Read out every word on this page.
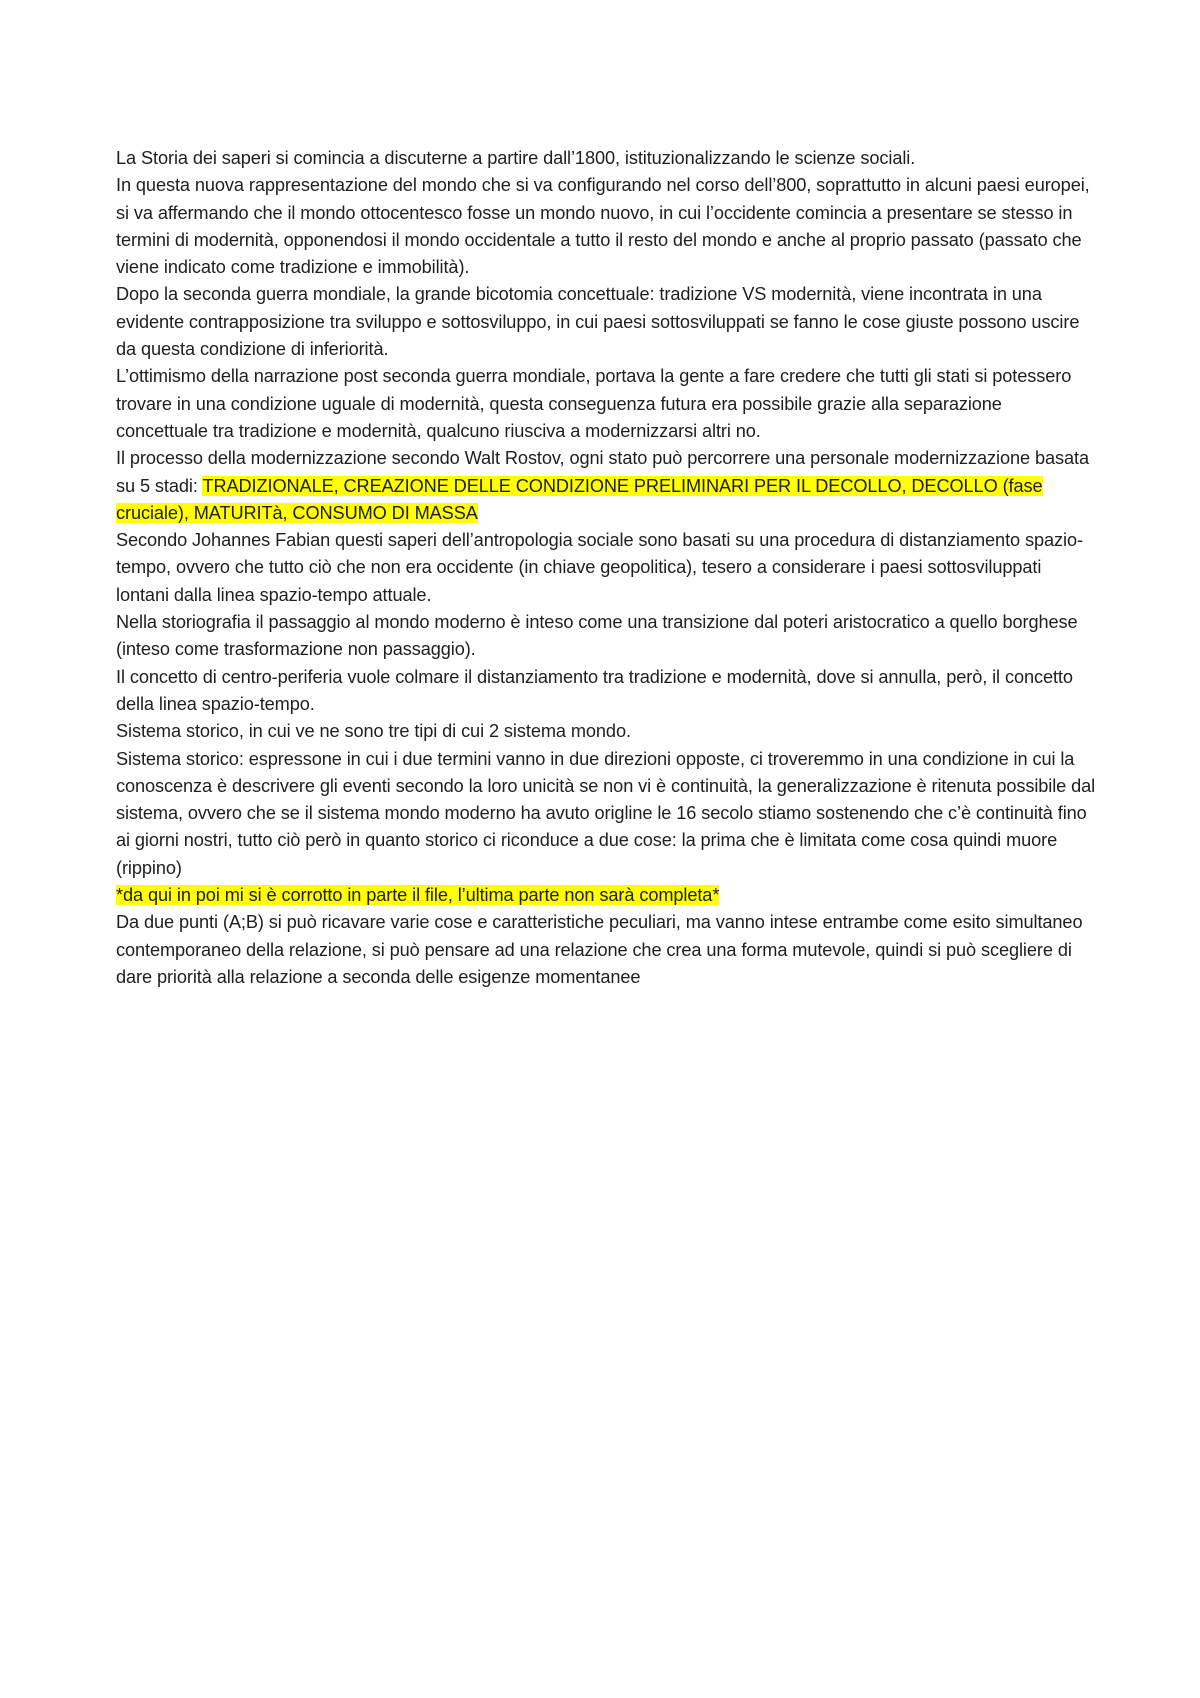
La Storia dei saperi si comincia a discuterne a partire dall’1800, istituzionalizzando le scienze sociali.

In questa nuova rappresentazione del mondo che si va configurando nel corso dell’800, soprattutto in alcuni paesi europei, si va affermando che il mondo ottocentesco fosse un mondo nuovo, in cui l’occidente comincia a presentare se stesso in termini di modernità, opponendosi il mondo occidentale a tutto il resto del mondo e anche al proprio passato (passato che viene indicato come tradizione e immobilità).

Dopo la seconda guerra mondiale, la grande bicotomia concettuale: tradizione VS modernità, viene incontrata in una evidente contrapposizione tra sviluppo e sottosviluppo, in cui paesi sottosviluppati se fanno le cose giuste possono uscire da questa condizione di inferiorità.

L’ottimismo della narrazione post seconda guerra mondiale, portava la gente a fare credere che tutti gli stati si potessero trovare in una condizione uguale di modernità, questa conseguenza futura era possibile grazie alla separazione concettuale tra tradizione e modernità, qualcuno riusciva a modernizzarsi altri no.

Il processo della modernizzazione secondo Walt Rostov, ogni stato può percorrere una personale modernizzazione basata su 5 stadi: TRADIZIONALE, CREAZIONE DELLE CONDIZIONE PRELIMINARI PER IL DECOLLO, DECOLLO (fase cruciale), MATURITà, CONSUMO DI MASSA

Secondo Johannes Fabian questi saperi dell’antropologia sociale sono basati su una procedura di distanziamento spazio-tempo, ovvero che tutto ciò che non era occidente (in chiave geopolitica), tesero a considerare i paesi sottosviluppati lontani dalla linea spazio-tempo attuale.

Nella storiografia il passaggio al mondo moderno è inteso come una transizione dal poteri aristocratico a quello borghese (inteso come trasformazione non passaggio).

Il concetto di centro-periferia vuole colmare il distanziamento tra tradizione e modernità, dove si annulla, però, il concetto della linea spazio-tempo.

Sistema storico, in cui ve ne sono tre tipi di cui 2 sistema mondo.

Sistema storico: espressone in cui i due termini vanno in due direzioni opposte, ci troveremmo in una condizione in cui la conoscenza è descrivere gli eventi secondo la loro unicità se non vi è continuità, la generalizzazione è ritenuta possibile dal sistema, ovvero che se il sistema mondo moderno ha avuto origline le 16 secolo stiamo sostenendo che c’è continuità fino ai giorni nostri, tutto ciò però in quanto storico ci riconduce a due cose: la prima che è limitata come cosa quindi muore (rippino)

*da qui in poi mi si è corrotto in parte il file, l’ultima parte non sarà completa*

Da due punti (A;B) si può ricavare varie cose e caratteristiche peculiari, ma vanno intese entrambe come esito simultaneo contemporaneo della relazione, si può pensare ad una relazione che crea una forma mutevole, quindi si può scegliere di dare priorità alla relazione a seconda delle esigenze momentanee
